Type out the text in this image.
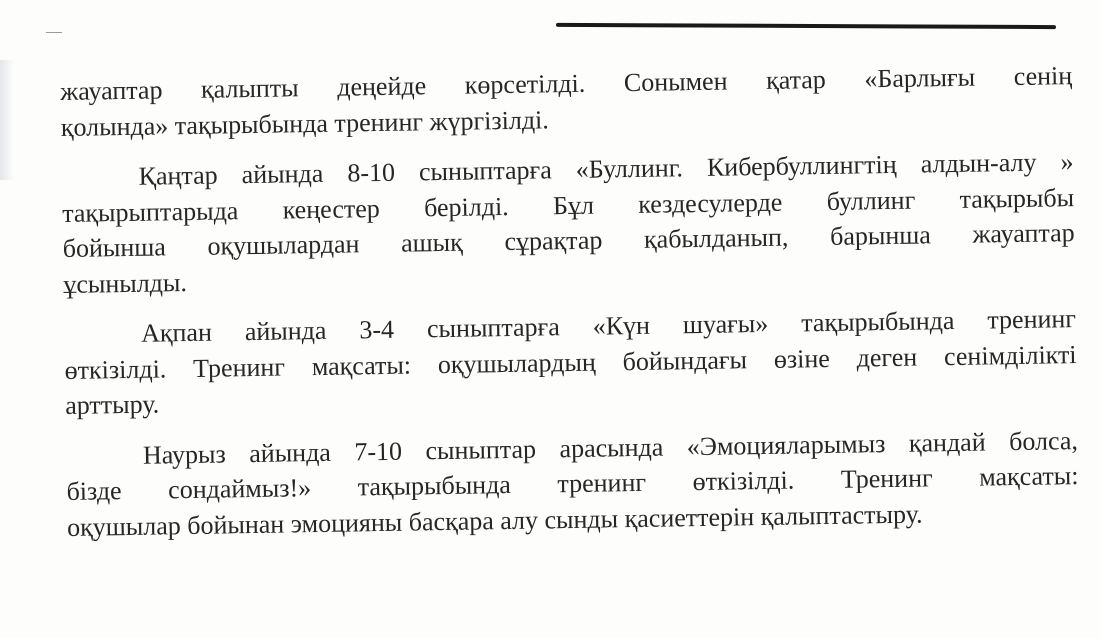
жауаптар қалыпты деңейде көрсетілді. Сонымен қатар «Барлығы сенің
қолында» тақырыбында тренинг жүргізілді.
Қаңтар айында 8-10 сыныптарға «Буллинг. Кибербуллингтің алдын-алу »
тақырыптарыда кеңестер берілді. Бұл кездесулерде буллинг тақырыбы
бойынша оқушылардан ашық сұрақтар қабылданып, барынша жауаптар
ұсынылды.
Ақпан айында 3-4 сыныптарға «Күн шуағы» тақырыбында тренинг
өткізілді. Тренинг мақсаты: оқушылардың бойындағы өзіне деген сенімділікті
арттыру.
Наурыз айында 7-10 сыныптар арасында «Эмоцияларымыз қандай болса,
бізде сондаймыз!» тақырыбында тренинг өткізілді. Тренинг мақсаты:
оқушылар бойынан эмоцияны басқара алу сынды қасиеттерін қалыптастыру.
